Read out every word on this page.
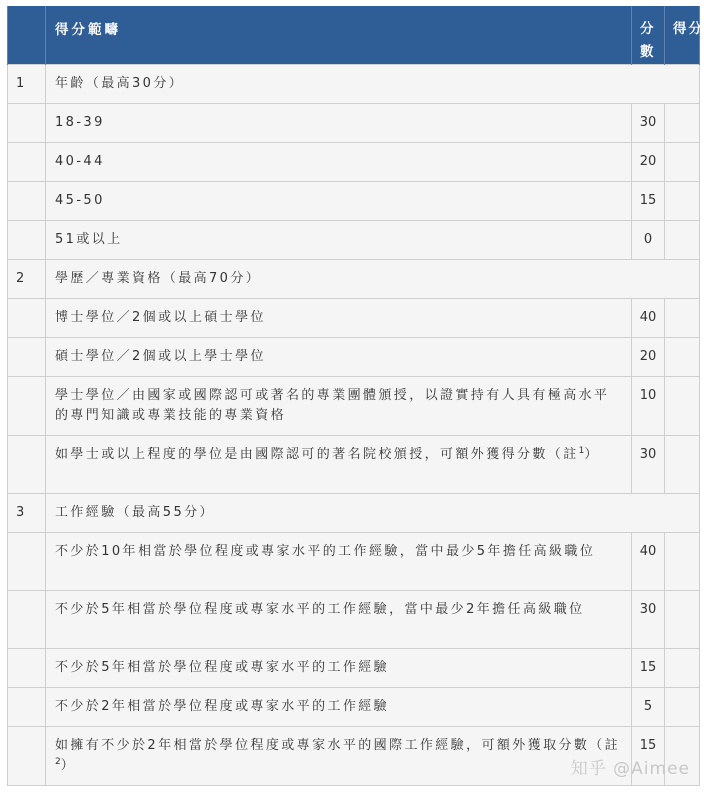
	得分範疇	分數	得分
1	年齡（最高30分）		
	18-39	30	
	40-44	20	
	45-50	15	
	51或以上	0	
2	學歷／專業資格（最高70分）		
	博士學位／2個或以上碩士學位	40	
	碩士學位／2個或以上學士學位	20	
	學士學位／由國家或國際認可或著名的專業團體頒授，以證實持有人具有極高水平的專門知識或專業技能的專業資格	10	
	如學士或以上程度的學位是由國際認可的著名院校頒授，可額外獲得分數（註$^1$）	30	
3	工作經驗（最高55分）		
	不少於10年相當於學位程度或專家水平的工作經驗，當中最少5年擔任高級職位	40	
	不少於5年相當於學位程度或專家水平的工作經驗，當中最少2年擔任高級職位	30	
	不少於5年相當於學位程度或專家水平的工作經驗	15	
	不少於2年相當於學位程度或專家水平的工作經驗	5	
	如擁有不少於2年相當於學位程度或專家水平的國際工作經驗，可額外獲取分數（註$^2$）	15	
知乎 @Aimee
